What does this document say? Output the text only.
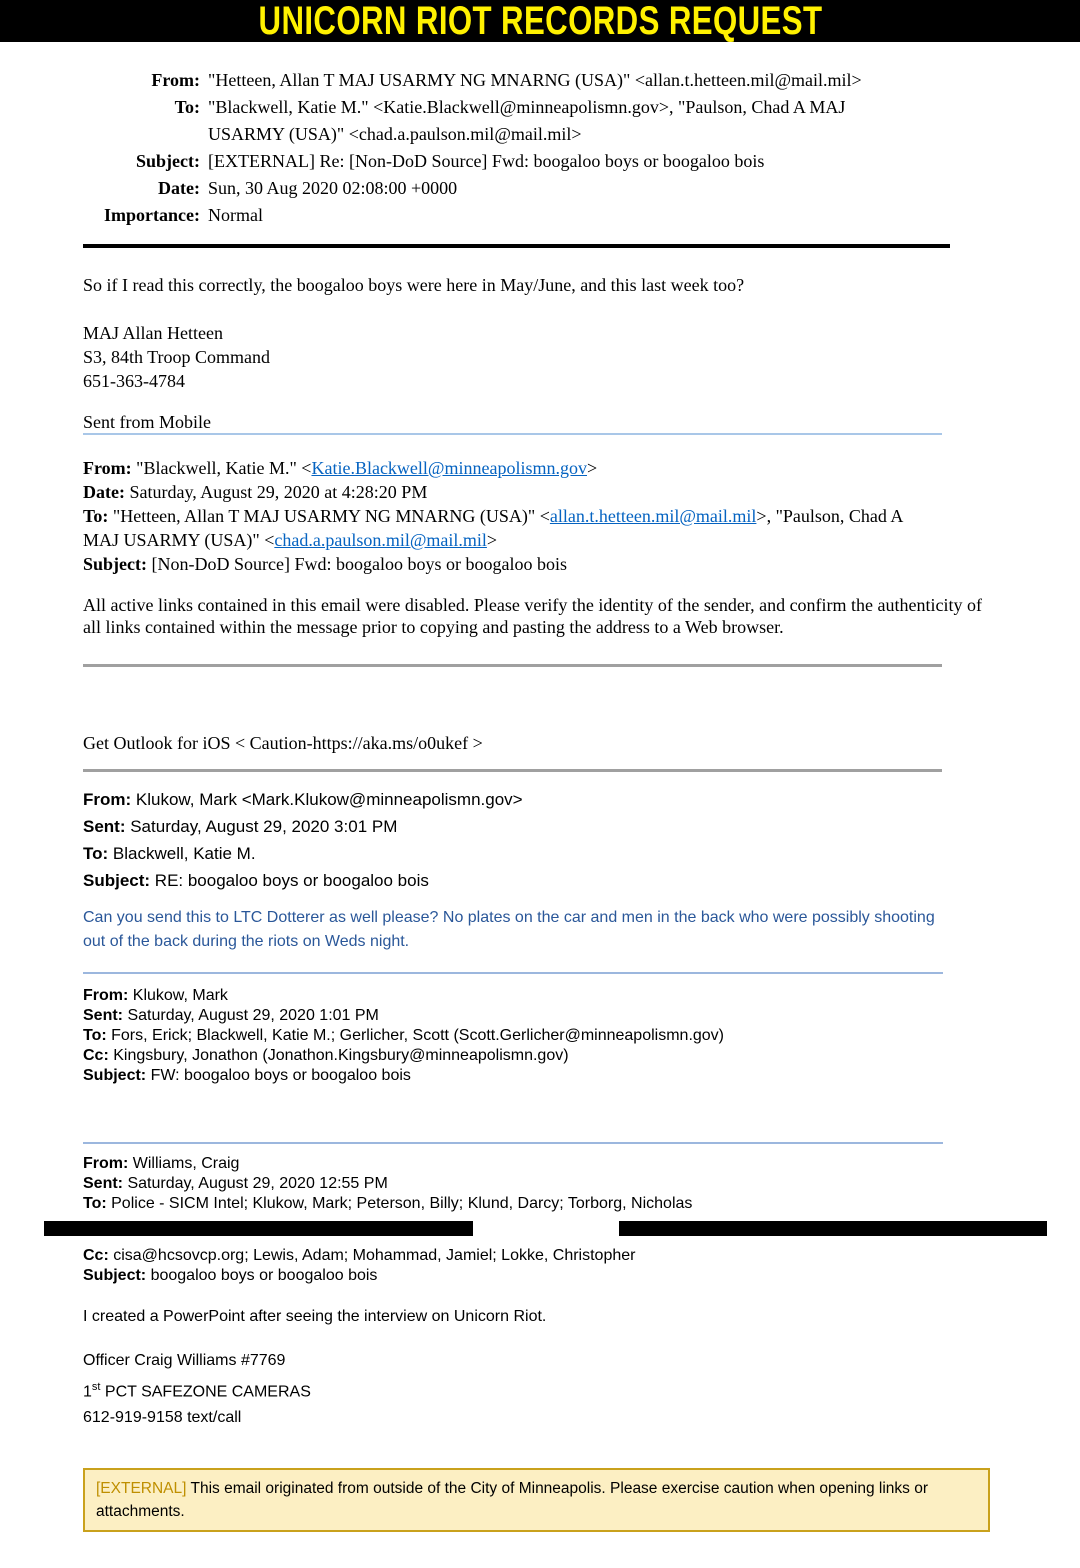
UNICORN RIOT RECORDS REQUEST
From: "Hetteen, Allan T MAJ USARMY NG MNARNG (USA)" <allan.t.hetteen.mil@mail.mil>
To: "Blackwell, Katie M." <Katie.Blackwell@minneapolismn.gov>, "Paulson, Chad A MAJ USARMY (USA)" <chad.a.paulson.mil@mail.mil>
Subject: [EXTERNAL] Re: [Non-DoD Source] Fwd: boogaloo boys or boogaloo bois
Date: Sun, 30 Aug 2020 02:08:00 +0000
Importance: Normal

So if I read this correctly, the boogaloo boys were here in May/June, and this last week too?

MAJ Allan Hetteen
S3, 84th Troop Command
651-363-4784
Sent from Mobile
From: "Blackwell, Katie M." <Katie.Blackwell@minneapolismn.gov>
Date: Saturday, August 29, 2020 at 4:28:20 PM
To: "Hetteen, Allan T MAJ USARMY NG MNARNG (USA)" <allan.t.hetteen.mil@mail.mil>, "Paulson, Chad A MAJ USARMY (USA)" <chad.a.paulson.mil@mail.mil>
Subject: [Non-DoD Source] Fwd: boogaloo boys or boogaloo bois

All active links contained in this email were disabled. Please verify the identity of the sender, and confirm the authenticity of all links contained within the message prior to copying and pasting the address to a Web browser.

Get Outlook for iOS < Caution-https://aka.ms/o0ukef >

From: Klukow, Mark <Mark.Klukow@minneapolismn.gov>
Sent: Saturday, August 29, 2020 3:01 PM
To: Blackwell, Katie M.
Subject: RE: boogaloo boys or boogaloo bois

Can you send this to LTC Dotterer as well please? No plates on the car and men in the back who were possibly shooting out of the back during the riots on Weds night.

From: Klukow, Mark
Sent: Saturday, August 29, 2020 1:01 PM
To: Fors, Erick; Blackwell, Katie M.; Gerlicher, Scott (Scott.Gerlicher@minneapolismn.gov)
Cc: Kingsbury, Jonathon (Jonathon.Kingsbury@minneapolismn.gov)
Subject: FW: boogaloo boys or boogaloo bois
From: Williams, Craig
Sent: Saturday, August 29, 2020 12:55 PM
To: Police - SICM Intel; Klukow, Mark; Peterson, Billy; Klund, Darcy; Torborg, Nicholas
Cc: cisa@hcsovcp.org; Lewis, Adam; Mohammad, Jamiel; Lokke, Christopher
Subject: boogaloo boys or boogaloo bois

I created a PowerPoint after seeing the interview on Unicorn Riot.

Officer Craig Williams #7769
1st PCT SAFEZONE CAMERAS
612-919-9158 text/call
[EXTERNAL] This email originated from outside of the City of Minneapolis. Please exercise caution when opening links or attachments.
